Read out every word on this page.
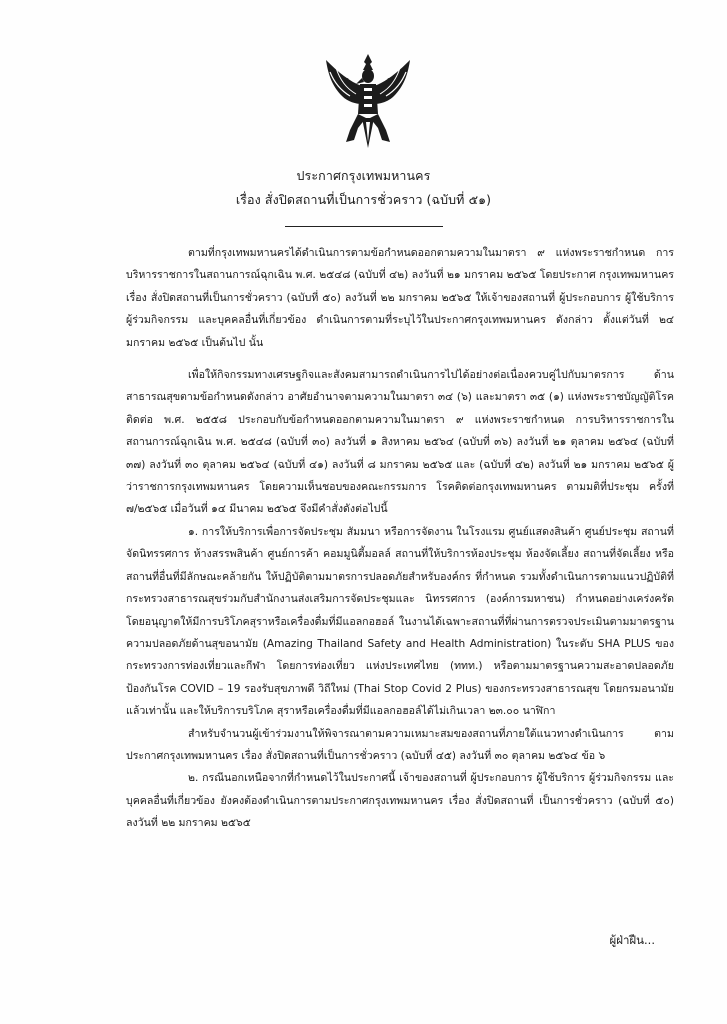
ประกาศกรุงเทพมหานคร
เรื่อง สั่งปิดสถานที่เป็นการชั่วคราว (ฉบับที่ ๕๑)

ตามที่กรุงเทพมหานครได้ดำเนินการตามข้อกำหนดออกตามความในมาตรา ๙ แห่งพระราชกำหนด การบริหารราชการในสถานการณ์ฉุกเฉิน พ.ศ. ๒๕๔๘ (ฉบับที่ ๔๒) ลงวันที่ ๒๑ มกราคม ๒๕๖๕ โดยประกาศ กรุงเทพมหานคร เรื่อง สั่งปิดสถานที่เป็นการชั่วคราว (ฉบับที่ ๕๐) ลงวันที่ ๒๒ มกราคม ๒๕๖๕ ให้เจ้าของสถานที่ ผู้ประกอบการ ผู้ใช้บริการ ผู้ร่วมกิจกรรม และบุคคลอื่นที่เกี่ยวข้อง ดำเนินการตามที่ระบุไว้ในประกาศกรุงเทพมหานคร ดังกล่าว ตั้งแต่วันที่ ๒๔ มกราคม ๒๕๖๕ เป็นต้นไป นั้น

เพื่อให้กิจกรรมทางเศรษฐกิจและสังคมสามารถดำเนินการไปได้อย่างต่อเนื่องควบคู่ไปกับมาตรการ ด้านสาธารณสุขตามข้อกำหนดดังกล่าว อาศัยอำนาจตามความในมาตรา ๓๔ (๖) และมาตรา ๓๕ (๑) แห่งพระราชบัญญัติโรคติดต่อ พ.ศ. ๒๕๕๘ ประกอบกับข้อกำหนดออกตามความในมาตรา ๙ แห่งพระราชกำหนด การบริหารราชการในสถานการณ์ฉุกเฉิน พ.ศ. ๒๕๔๘ (ฉบับที่ ๓๐) ลงวันที่ ๑ สิงหาคม ๒๕๖๔ (ฉบับที่ ๓๖) ลงวันที่ ๒๑ ตุลาคม ๒๕๖๔ (ฉบับที่ ๓๗) ลงวันที่ ๓๐ ตุลาคม ๒๕๖๔ (ฉบับที่ ๔๑) ลงวันที่ ๘ มกราคม ๒๕๖๕ และ (ฉบับที่ ๔๒) ลงวันที่ ๒๑ มกราคม ๒๕๖๕ ผู้ว่าราชการกรุงเทพมหานคร โดยความเห็นชอบของคณะกรรมการ โรคติดต่อกรุงเทพมหานคร ตามมติที่ประชุม ครั้งที่ ๗/๒๕๖๕ เมื่อวันที่ ๑๔ มีนาคม ๒๕๖๕ จึงมีคำสั่งดังต่อไปนี้

๑. การให้บริการเพื่อการจัดประชุม สัมมนา หรือการจัดงาน ในโรงแรม ศูนย์แสดงสินค้า ศูนย์ประชุม สถานที่จัดนิทรรศการ ห้างสรรพสินค้า ศูนย์การค้า คอมมูนิตี้มอลล์ สถานที่ให้บริการห้องประชุม ห้องจัดเลี้ยง สถานที่จัดเลี้ยง หรือสถานที่อื่นที่มีลักษณะคล้ายกัน ให้ปฏิบัติตามมาตรการปลอดภัยสำหรับองค์กร ที่กำหนด รวมทั้งดำเนินการตามแนวปฏิบัติที่กระทรวงสาธารณสุขร่วมกับสำนักงานส่งเสริมการจัดประชุมและ นิทรรศการ (องค์การมหาชน) กำหนดอย่างเคร่งครัด โดยอนุญาตให้มีการบริโภคสุราหรือเครื่องดื่มที่มีแอลกอฮอล์ ในงานได้เฉพาะสถานที่ที่ผ่านการตรวจประเมินตามมาตรฐานความปลอดภัยด้านสุขอนามัย (Amazing Thailand Safety and Health Administration) ในระดับ SHA PLUS ของกระทรวงการท่องเที่ยวและกีฬา โดยการท่องเที่ยว แห่งประเทศไทย (ททท.) หรือตามมาตรฐานความสะอาดปลอดภัยป้องกันโรค COVID – 19 รองรับสุขภาพดี วิถีใหม่ (Thai Stop Covid 2 Plus) ของกระทรวงสาธารณสุข โดยกรมอนามัย แล้วเท่านั้น และให้บริการบริโภค สุราหรือเครื่องดื่มที่มีแอลกอฮอล์ได้ไม่เกินเวลา ๒๓.๐๐ นาฬิกา

สำหรับจำนวนผู้เข้าร่วมงานให้พิจารณาตามความเหมาะสมของสถานที่ภายใต้แนวทางดำเนินการ ตามประกาศกรุงเทพมหานคร เรื่อง สั่งปิดสถานที่เป็นการชั่วคราว (ฉบับที่ ๔๕) ลงวันที่ ๓๐ ตุลาคม ๒๕๖๔ ข้อ ๖

๒. กรณีนอกเหนือจากที่กำหนดไว้ในประกาศนี้ เจ้าของสถานที่ ผู้ประกอบการ ผู้ใช้บริการ ผู้ร่วมกิจกรรม และบุคคลอื่นที่เกี่ยวข้อง ยังคงต้องดำเนินการตามประกาศกรุงเทพมหานคร เรื่อง สั่งปิดสถานที่ เป็นการชั่วคราว (ฉบับที่ ๕๐) ลงวันที่ ๒๒ มกราคม ๒๕๖๕

ผู้ฝ่าฝืน...
